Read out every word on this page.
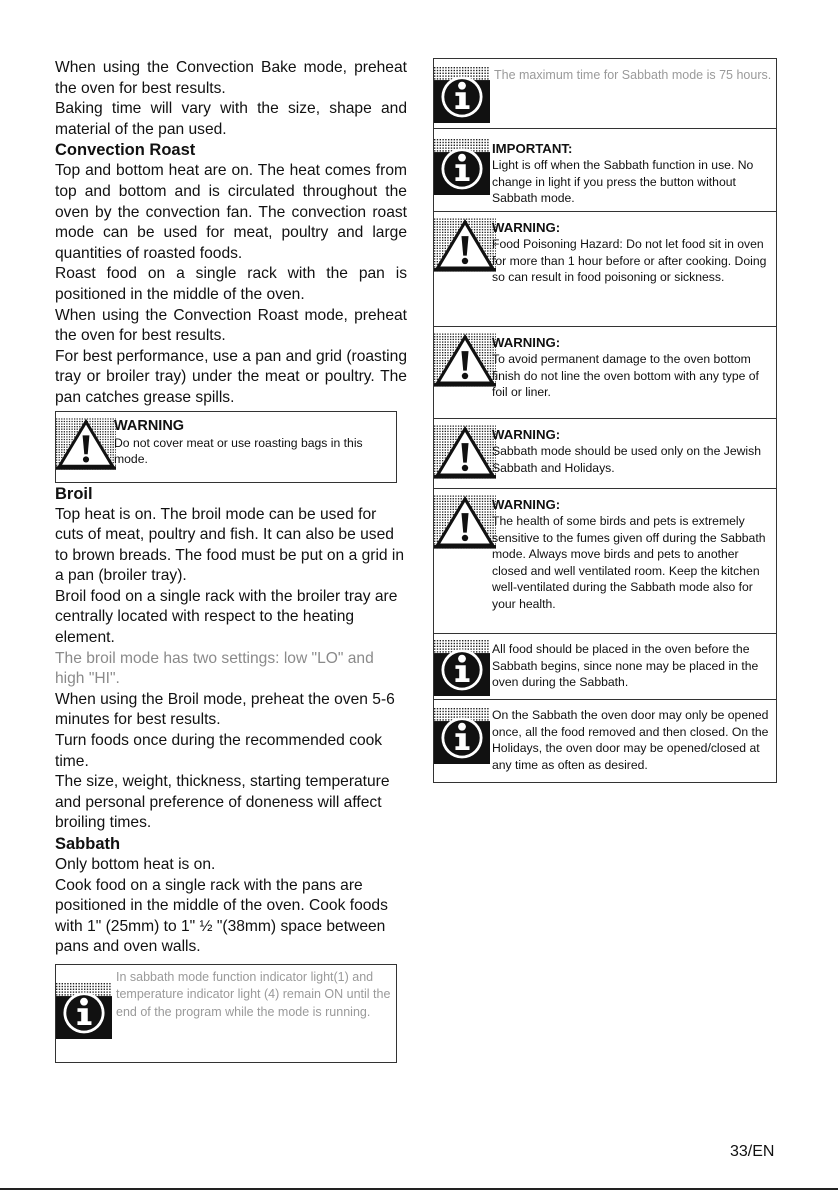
When using the Convection Bake mode, preheat the oven for best results.

Baking time will vary with the size, shape and material of the pan used.

Convection Roast

Top and bottom heat are on. The heat comes from top and bottom and is circulated throughout the oven by the convection fan. The convection roast mode can be used for meat, poultry and large quantities of roasted foods.

Roast food on a single rack with the pan is positioned in the middle of the oven.

When using the Convection Roast mode, preheat the oven for best results.

For best performance, use a pan and grid (roasting tray or broiler tray) under the meat or poultry. The pan catches grease spills.

WARNING
Do not cover meat or use roasting bags in this mode.
Broil

Top heat is on. The broil mode can be used for cuts of meat, poultry and fish. It can also be used to brown breads. The food must be put on a grid in a pan (broiler tray).

Broil food on a single rack with the broiler tray are centrally located with respect to the heating element.

The broil mode has two settings: low "LO" and high "HI".

When using the Broil mode, preheat the oven 5-6 minutes for best results.

Turn foods once during the recommended cook time.

The size, weight, thickness, starting temperature and personal preference of doneness will affect broiling times.

Sabbath

Only bottom heat is on.

Cook food on a single rack with the pans are positioned in the middle of the oven. Cook foods with 1" (25mm) to 1" ½ "(38mm) space between pans and oven walls.

In sabbath mode function indicator light(1) and temperature indicator light (4) remain ON until the end of the program while the mode is running.
The maximum time for Sabbath mode is 75 hours.
IMPORTANT:
Light is off when the Sabbath function in use. No change in light if you press the button without Sabbath mode.
WARNING:
Food Poisoning Hazard: Do not let food sit in oven for more than 1 hour before or after cooking. Doing so can result in food poisoning or sickness.
WARNING:
To avoid permanent damage to the oven bottom finish do not line the oven bottom with any type of foil or liner.
WARNING:
Sabbath mode should be used only on the Jewish Sabbath and Holidays.
WARNING:
The health of some birds and pets is extremely sensitive to the fumes given off during the Sabbath mode. Always move birds and pets to another closed and well ventilated room. Keep the kitchen well-ventilated during the Sabbath mode also for your health.
All food should be placed in the oven before the Sabbath begins, since none may be placed in the oven during the Sabbath.
On the Sabbath the oven door may only be opened once, all the food removed and then closed. On the Holidays, the oven door may be opened/closed at any time as often as desired.
33/EN
